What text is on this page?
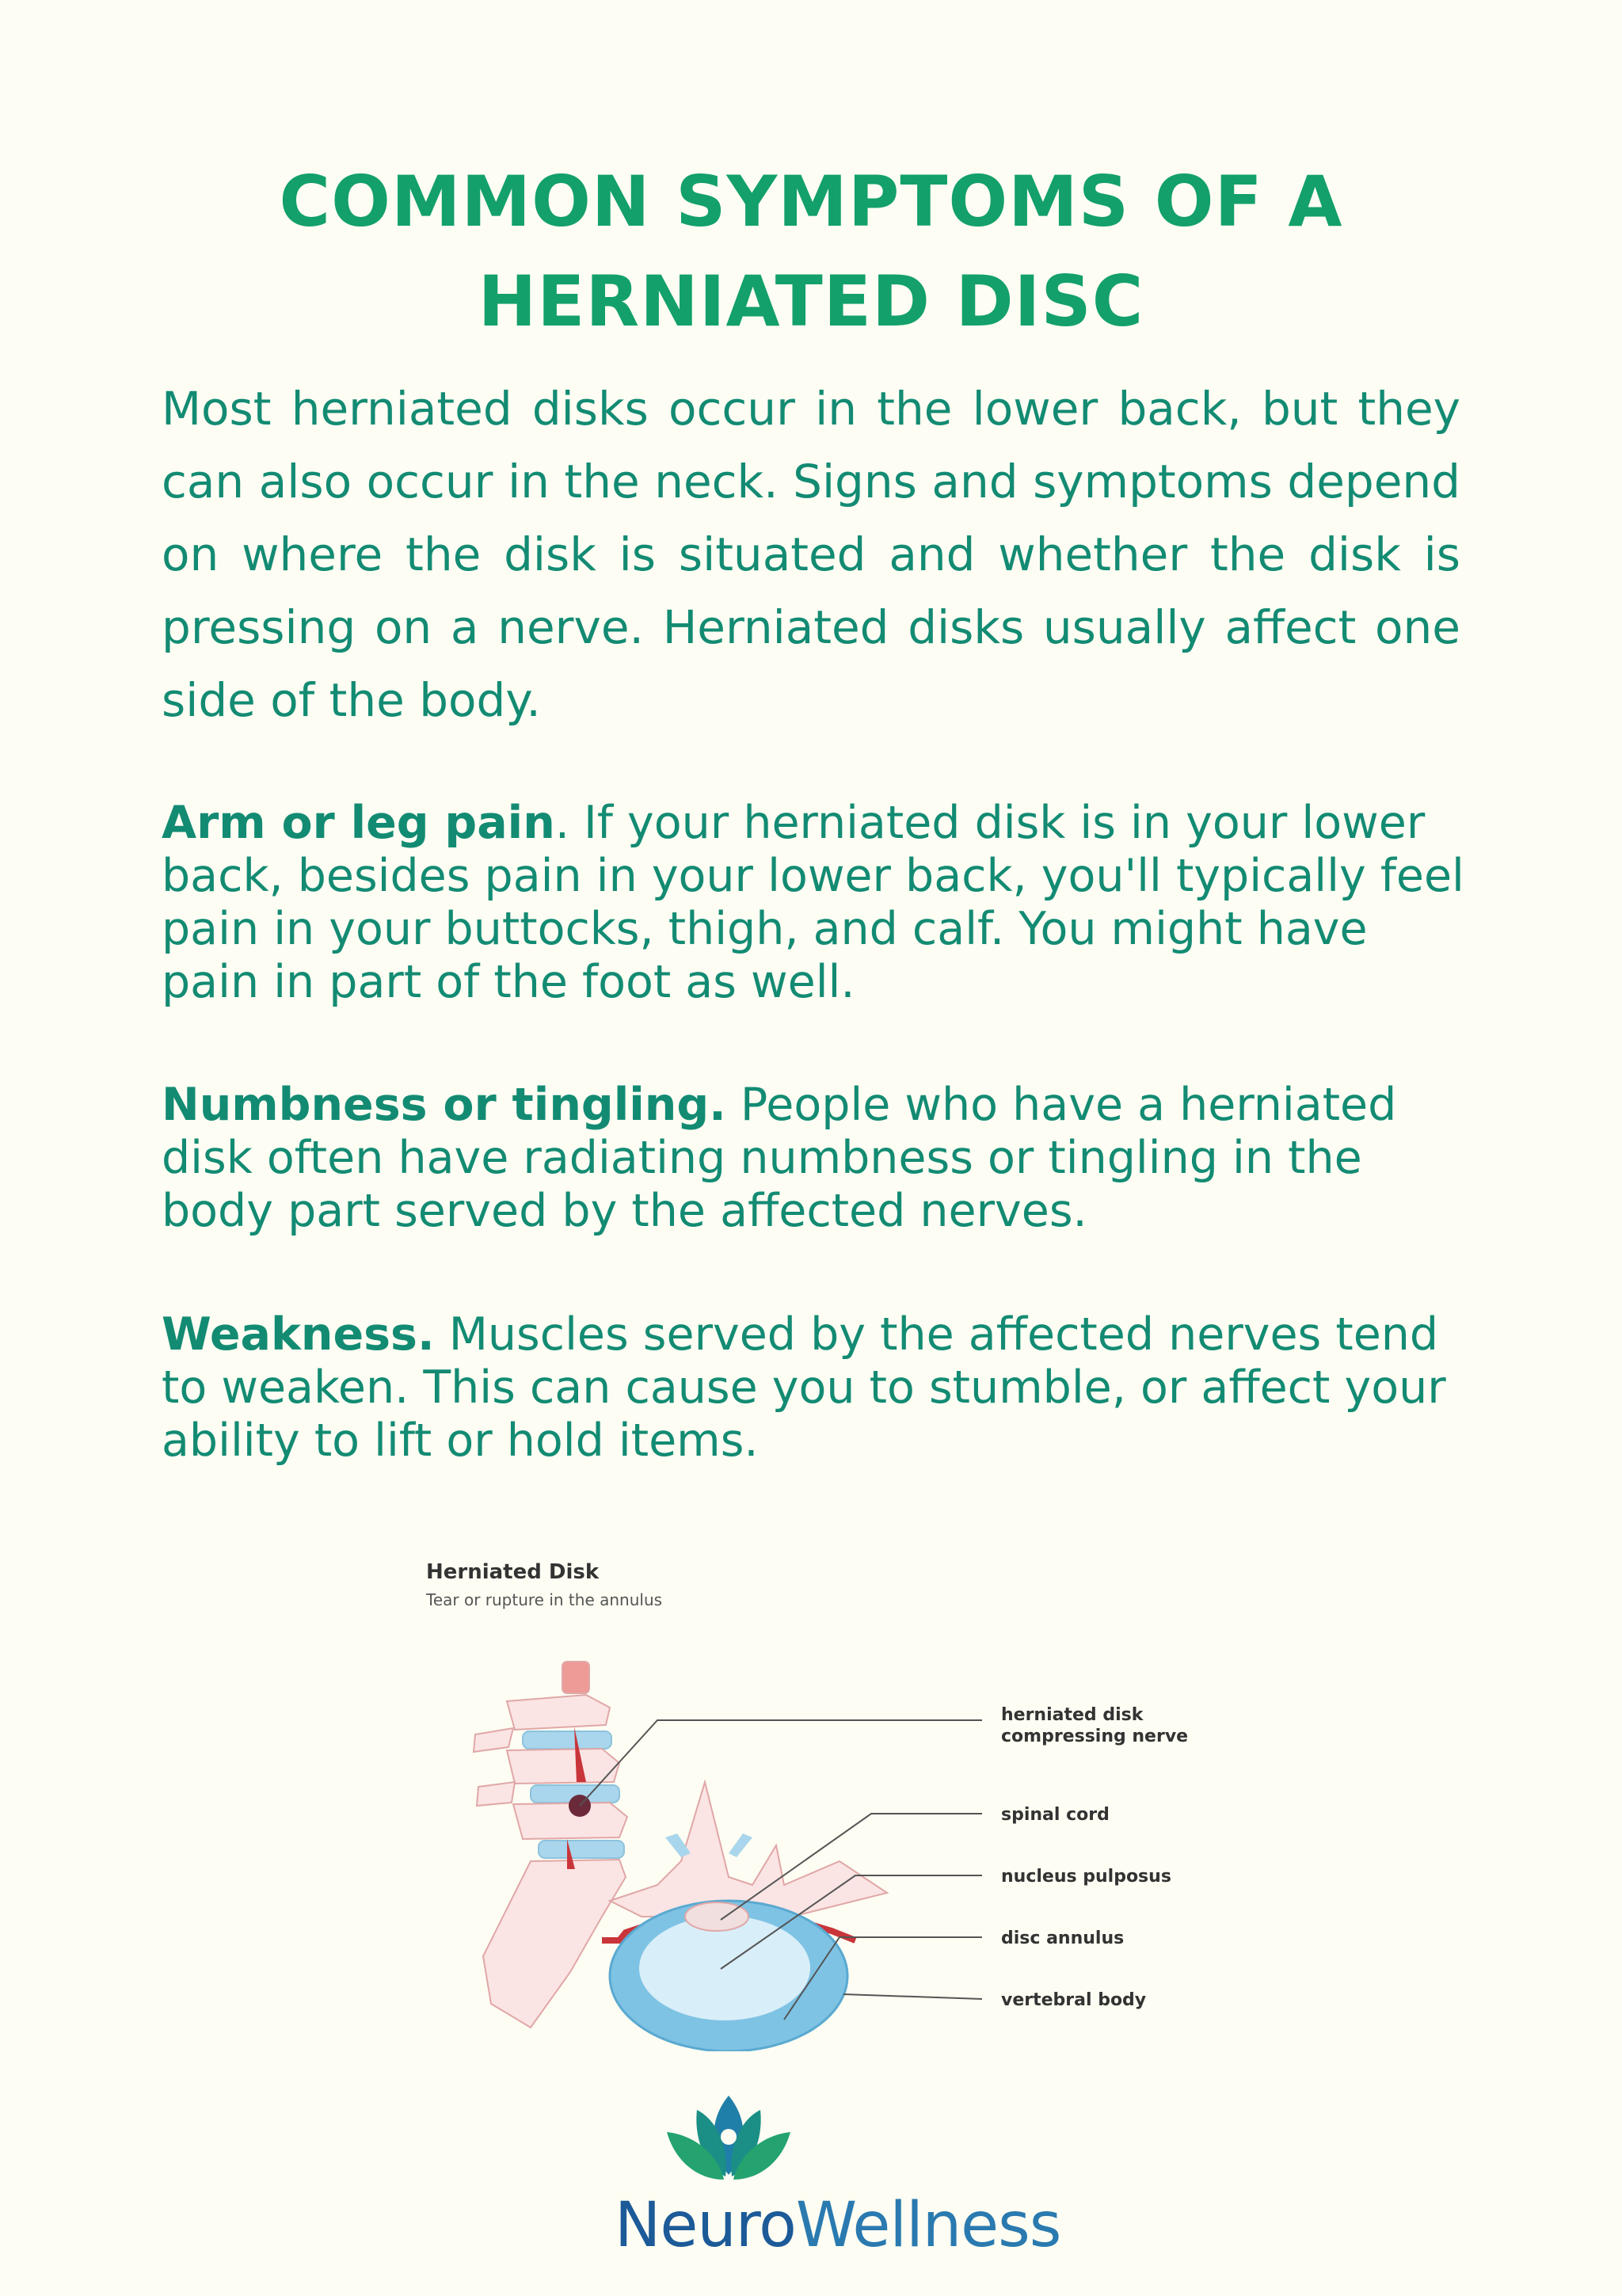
COMMON SYMPTOMS OF A
HERNIATED DISC

Most herniated disks occur in the lower back, but they can also occur in the neck. Signs and symptoms depend on where the disk is situated and whether the disk is pressing on a nerve. Herniated disks usually affect one side of the body.

Arm or leg pain. If your herniated disk is in your lower back, besides pain in your lower back, you'll typically feel pain in your buttocks, thigh, and calf. You might have pain in part of the foot as well.

Numbness or tingling. People who have a herniated disk often have radiating numbness or tingling in the body part served by the affected nerves.

Weakness. Muscles served by the affected nerves tend to weaken. This can cause you to stumble, or affect your ability to lift or hold items.

Herniated Disk

Tear or rupture in the annulus

herniated disk
compressing nerve

spinal cord

nucleus pulposus

disc annulus

vertebral body

NeuroWellness
